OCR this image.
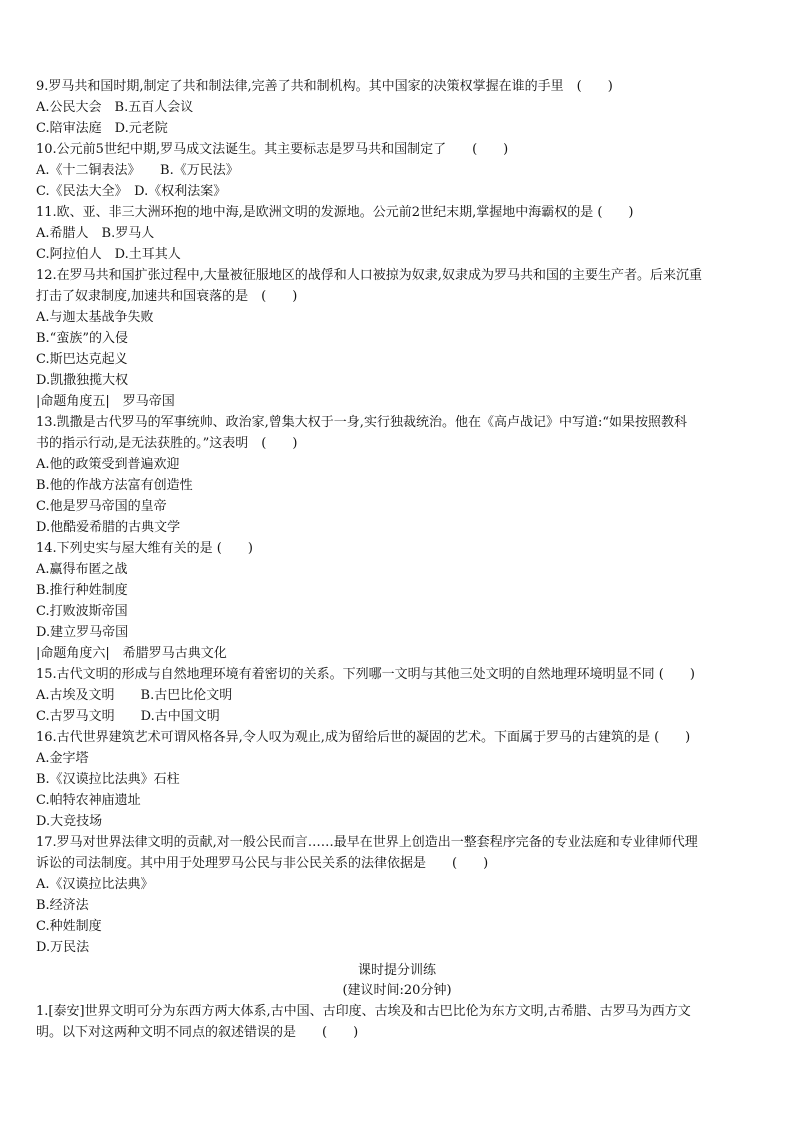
9.罗马共和国时期,制定了共和制法律,完善了共和制机构。其中国家的决策权掌握在谁的手里　(　　)
A.公民大会　B.五百人会议
C.陪审法庭　D.元老院
10.公元前5世纪中期,罗马成文法诞生。其主要标志是罗马共和国制定了　　(　　)
A.《十二铜表法》　　B.《万民法》
C.《民法大全》　D.《权利法案》
11.欧、亚、非三大洲环抱的地中海,是欧洲文明的发源地。公元前2世纪末期,掌握地中海霸权的是 (　　)
A.希腊人　B.罗马人
C.阿拉伯人　D.土耳其人
12.在罗马共和国扩张过程中,大量被征服地区的战俘和人口被掠为奴隶,奴隶成为罗马共和国的主要生产者。后来沉重
打击了奴隶制度,加速共和国衰落的是　(　　)
A.与迦太基战争失败
B.“蛮族”的入侵
C.斯巴达克起义
D.凯撒独揽大权
|命题角度五|　罗马帝国
13.凯撒是古代罗马的军事统帅、政治家,曾集大权于一身,实行独裁统治。他在《高卢战记》中写道:“如果按照教科
书的指示行动,是无法获胜的。”这表明　(　　)
A.他的政策受到普遍欢迎
B.他的作战方法富有创造性
C.他是罗马帝国的皇帝
D.他酷爱希腊的古典文学
14.下列史实与屋大维有关的是 (　　)
A.赢得布匿之战
B.推行种姓制度
C.打败波斯帝国
D.建立罗马帝国
|命题角度六|　希腊罗马古典文化
15.古代文明的形成与自然地理环境有着密切的关系。下列哪一文明与其他三处文明的自然地理环境明显不同 (　　)
A.古埃及文明　　B.古巴比伦文明
C.古罗马文明　　D.古中国文明
16.古代世界建筑艺术可谓风格各异,令人叹为观止,成为留给后世的凝固的艺术。下面属于罗马的古建筑的是 (　　)
A.金字塔
B.《汉谟拉比法典》石柱
C.帕特农神庙遗址
D.大竞技场
17.罗马对世界法律文明的贡献,对一般公民而言……最早在世界上创造出一整套程序完备的专业法庭和专业律师代理
诉讼的司法制度。其中用于处理罗马公民与非公民关系的法律依据是　　(　　)
A.《汉谟拉比法典》
B.经济法
C.种姓制度
D.万民法
课时提分训练
(建议时间:20分钟)
1.[泰安]世界文明可分为东西方两大体系,古中国、古印度、古埃及和古巴比伦为东方文明,古希腊、古罗马为西方文
明。以下对这两种文明不同点的叙述错误的是　　(　　)
